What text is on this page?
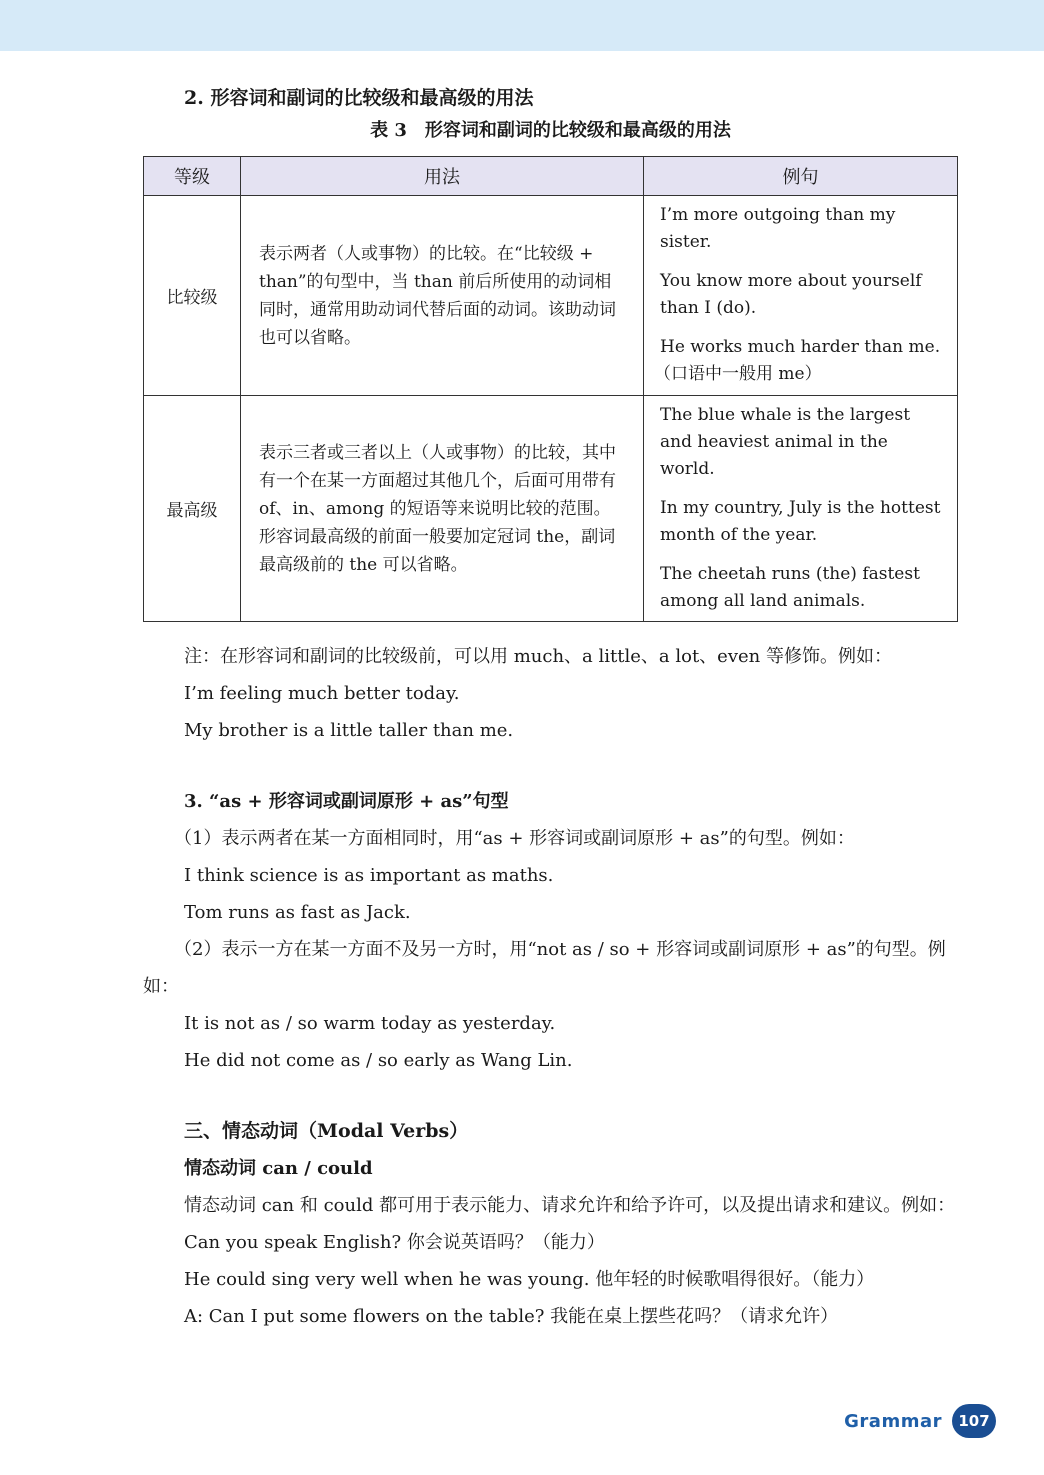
2. 形容词和副词的比较级和最高级的用法
表 3　形容词和副词的比较级和最高级的用法
等级	用法	例句
比较级	表示两者（人或事物）的比较。在“比较级 + than”的句型中，当 than 前后所使用的动词相同时，通常用助动词代替后面的动词。该助动词也可以省略。	I’m more outgoing than my sister.

You know more about yourself than I (do).

He works much harder than me.
（口语中一般用 me）

最高级	表示三者或三者以上（人或事物）的比较，其中有一个在某一方面超过其他几个，后面可用带有 of、in、among 的短语等来说明比较的范围。形容词最高级的前面一般要加定冠词 the，副词最高级前的 the 可以省略。	The blue whale is the largest and heaviest animal in the world.

In my country, July is the hottest month of the year.

The cheetah runs (the) fastest among all land animals.

注：在形容词和副词的比较级前，可以用 much、a little、a lot、even 等修饰。例如：

I’m feeling much better today.

My brother is a little taller than me.

3. “as + 形容词或副词原形 + as”句型

（1）表示两者在某一方面相同时，用“as + 形容词或副词原形 + as”的句型。例如：

I think science is as important as maths.

Tom runs as fast as Jack.

（2）表示一方在某一方面不及另一方时，用“not as / so + 形容词或副词原形 + as”的句型。例如：

It is not as / so warm today as yesterday.

He did not come as / so early as Wang Lin.

三、情态动词（Modal Verbs）
情态动词 can / could

情态动词 can 和 could 都可用于表示能力、请求允许和给予许可，以及提出请求和建议。例如：

Can you speak English? 你会说英语吗？（能力）

He could sing very well when he was young. 他年轻的时候歌唱得很好。（能力）

A: Can I put some flowers on the table? 我能在桌上摆些花吗？（请求允许）

Grammar	107
